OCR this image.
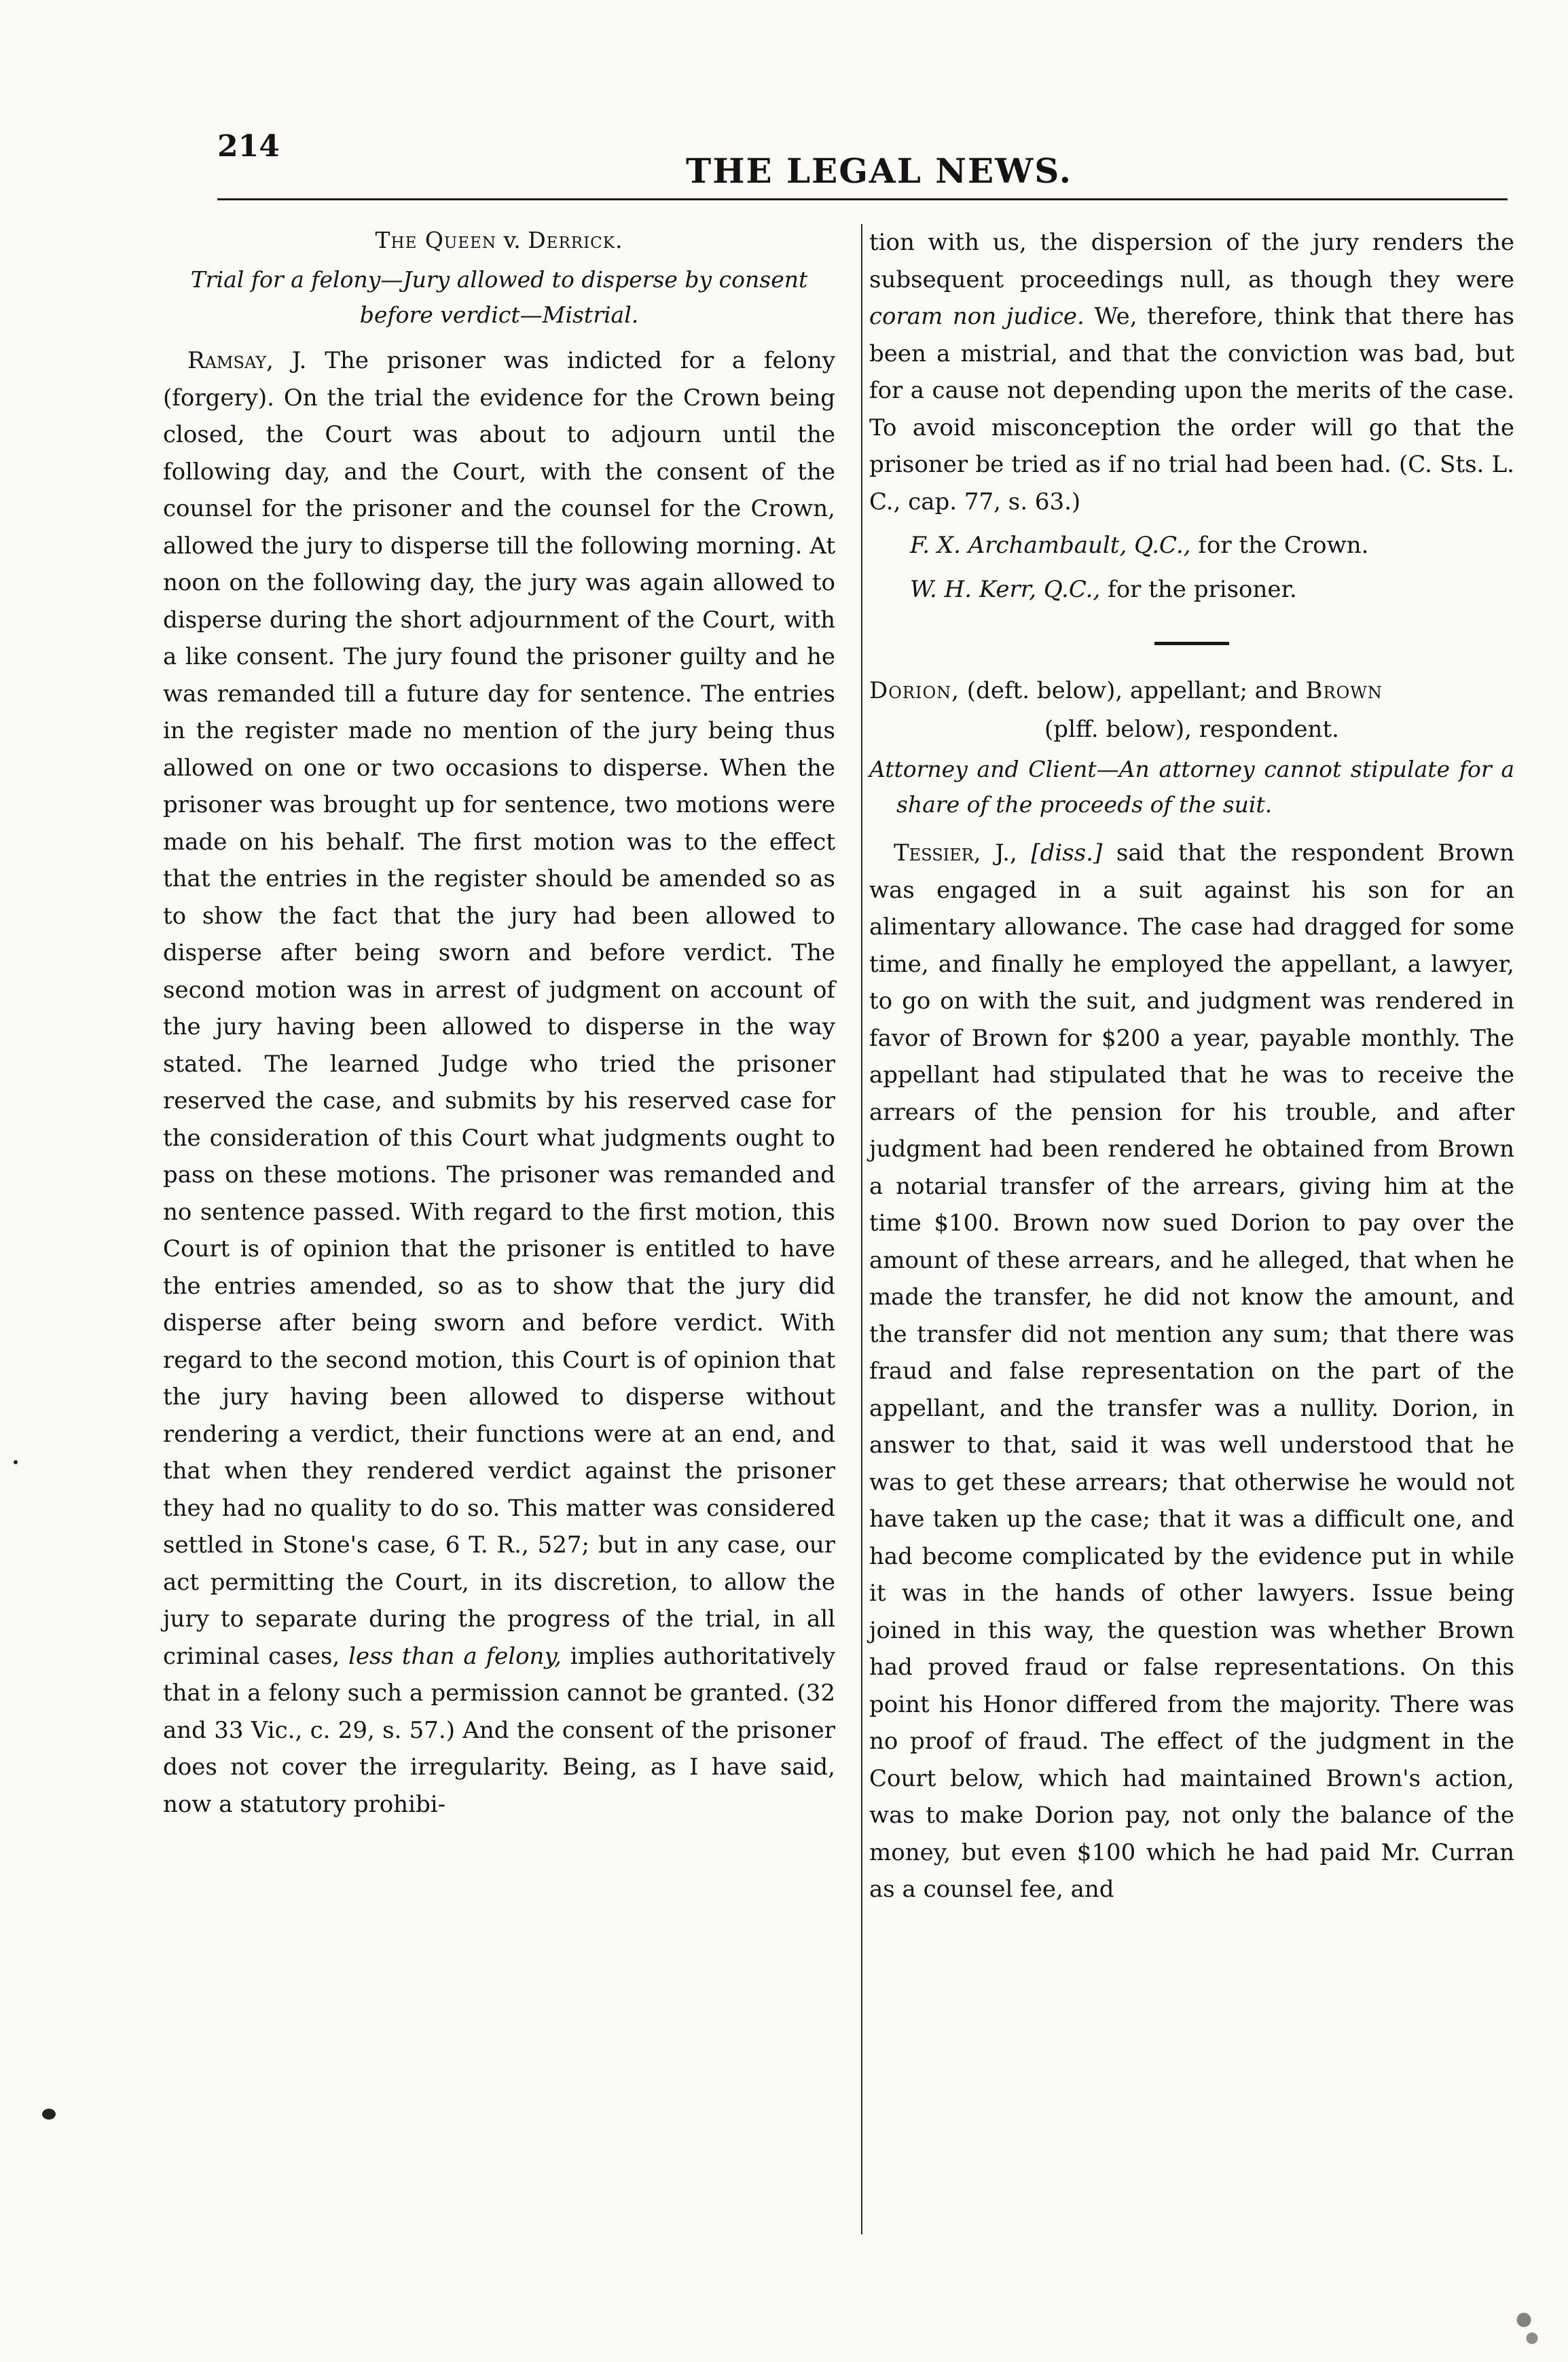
214
THE LEGAL NEWS.
The Queen v. Derrick.
Trial for a felony—Jury allowed to disperse by consent before verdict—Mistrial.

Ramsay, J. The prisoner was indicted for a felony (forgery). On the trial the evidence for the Crown being closed, the Court was about to adjourn until the following day, and the Court, with the consent of the counsel for the prisoner and the counsel for the Crown, allowed the jury to disperse till the following morning. At noon on the following day, the jury was again allowed to disperse during the short adjournment of the Court, with a like consent. The jury found the prisoner guilty and he was remanded till a future day for sentence. The entries in the register made no mention of the jury being thus allowed on one or two occasions to disperse. When the prisoner was brought up for sentence, two motions were made on his behalf. The first motion was to the effect that the entries in the register should be amended so as to show the fact that the jury had been allowed to disperse after being sworn and before verdict. The second motion was in arrest of judgment on account of the jury having been allowed to disperse in the way stated. The learned Judge who tried the prisoner reserved the case, and submits by his reserved case for the consideration of this Court what judgments ought to pass on these motions. The prisoner was remanded and no sentence passed. With regard to the first motion, this Court is of opinion that the prisoner is entitled to have the entries amended, so as to show that the jury did disperse after being sworn and before verdict. With regard to the second motion, this Court is of opinion that the jury having been allowed to disperse without rendering a verdict, their functions were at an end, and that when they rendered verdict against the prisoner they had no quality to do so. This matter was considered settled in Stone's case, 6 T. R., 527; but in any case, our act permitting the Court, in its discretion, to allow the jury to separate during the progress of the trial, in all criminal cases, less than a felony, implies authoritatively that in a felony such a permission cannot be granted. (32 and 33 Vic., c. 29, s. 57.) And the consent of the prisoner does not cover the irregularity. Being, as I have said, now a statutory prohibi-

tion with us, the dispersion of the jury renders the subsequent proceedings null, as though they were coram non judice. We, therefore, think that there has been a mistrial, and that the conviction was bad, but for a cause not depending upon the merits of the case. To avoid misconception the order will go that the prisoner be tried as if no trial had been had. (C. Sts. L. C., cap. 77, s. 63.)

F. X. Archambault, Q.C., for the Crown.

W. H. Kerr, Q.C., for the prisoner.

Dorion, (deft. below), appellant; and Brown

(plff. below), respondent.
Attorney and Client—An attorney cannot stipulate for a share of the proceeds of the suit.

Tessier, J., [diss.] said that the respondent Brown was engaged in a suit against his son for an alimentary allowance. The case had dragged for some time, and finally he employed the appellant, a lawyer, to go on with the suit, and judgment was rendered in favor of Brown for $200 a year, payable monthly. The appellant had stipulated that he was to receive the arrears of the pension for his trouble, and after judgment had been rendered he obtained from Brown a notarial transfer of the arrears, giving him at the time $100. Brown now sued Dorion to pay over the amount of these arrears, and he alleged, that when he made the transfer, he did not know the amount, and the transfer did not mention any sum; that there was fraud and false representation on the part of the appellant, and the transfer was a nullity. Dorion, in answer to that, said it was well understood that he was to get these arrears; that otherwise he would not have taken up the case; that it was a difficult one, and had become complicated by the evidence put in while it was in the hands of other lawyers. Issue being joined in this way, the question was whether Brown had proved fraud or false representations. On this point his Honor differed from the majority. There was no proof of fraud. The effect of the judgment in the Court below, which had maintained Brown's action, was to make Dorion pay, not only the balance of the money, but even $100 which he had paid Mr. Curran as a counsel fee, and
